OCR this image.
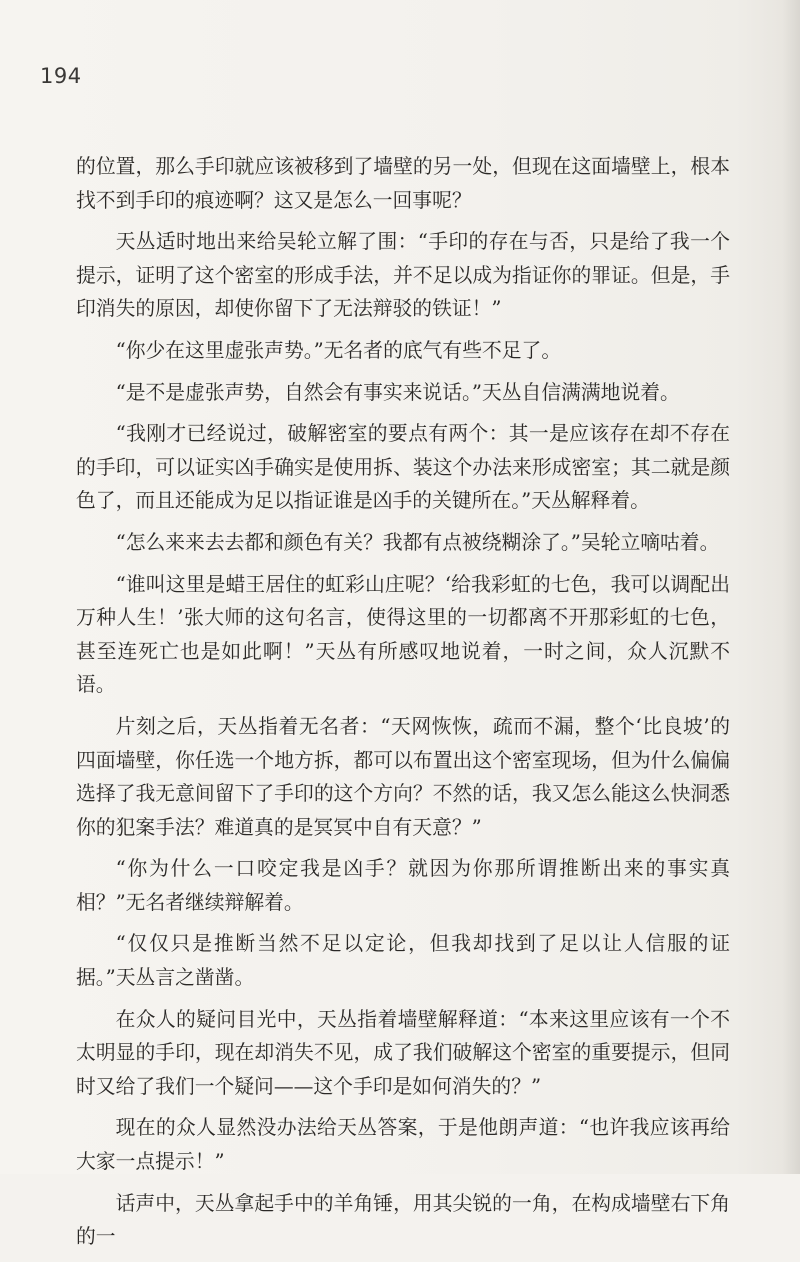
194

的位置，那么手印就应该被移到了墙壁的另一处，但现在这面墙壁上，根本找不到手印的痕迹啊？这又是怎么一回事呢？

天丛适时地出来给吴轮立解了围：“手印的存在与否，只是给了我一个提示，证明了这个密室的形成手法，并不足以成为指证你的罪证。但是，手印消失的原因，却使你留下了无法辩驳的铁证！”

“你少在这里虚张声势。”无名者的底气有些不足了。

“是不是虚张声势，自然会有事实来说话。”天丛自信满满地说着。

“我刚才已经说过，破解密室的要点有两个：其一是应该存在却不存在的手印，可以证实凶手确实是使用拆、装这个办法来形成密室；其二就是颜色了，而且还能成为足以指证谁是凶手的关键所在。”天丛解释着。

“怎么来来去去都和颜色有关？我都有点被绕糊涂了。”吴轮立嘀咕着。

“谁叫这里是蜡王居住的虹彩山庄呢？‘给我彩虹的七色，我可以调配出万种人生！’张大师的这句名言，使得这里的一切都离不开那彩虹的七色，甚至连死亡也是如此啊！”天丛有所感叹地说着，一时之间，众人沉默不语。

片刻之后，天丛指着无名者：“天网恢恢，疏而不漏，整个‘比良坡’的四面墙壁，你任选一个地方拆，都可以布置出这个密室现场，但为什么偏偏选择了我无意间留下了手印的这个方向？不然的话，我又怎么能这么快洞悉你的犯案手法？难道真的是冥冥中自有天意？”

“你为什么一口咬定我是凶手？就因为你那所谓推断出来的事实真相？”无名者继续辩解着。

“仅仅只是推断当然不足以定论，但我却找到了足以让人信服的证据。”天丛言之凿凿。

在众人的疑问目光中，天丛指着墙壁解释道：“本来这里应该有一个不太明显的手印，现在却消失不见，成了我们破解这个密室的重要提示，但同时又给了我们一个疑问——这个手印是如何消失的？”

现在的众人显然没办法给天丛答案，于是他朗声道：“也许我应该再给大家一点提示！”

话声中，天丛拿起手中的羊角锤，用其尖锐的一角，在构成墙壁右下角的一
